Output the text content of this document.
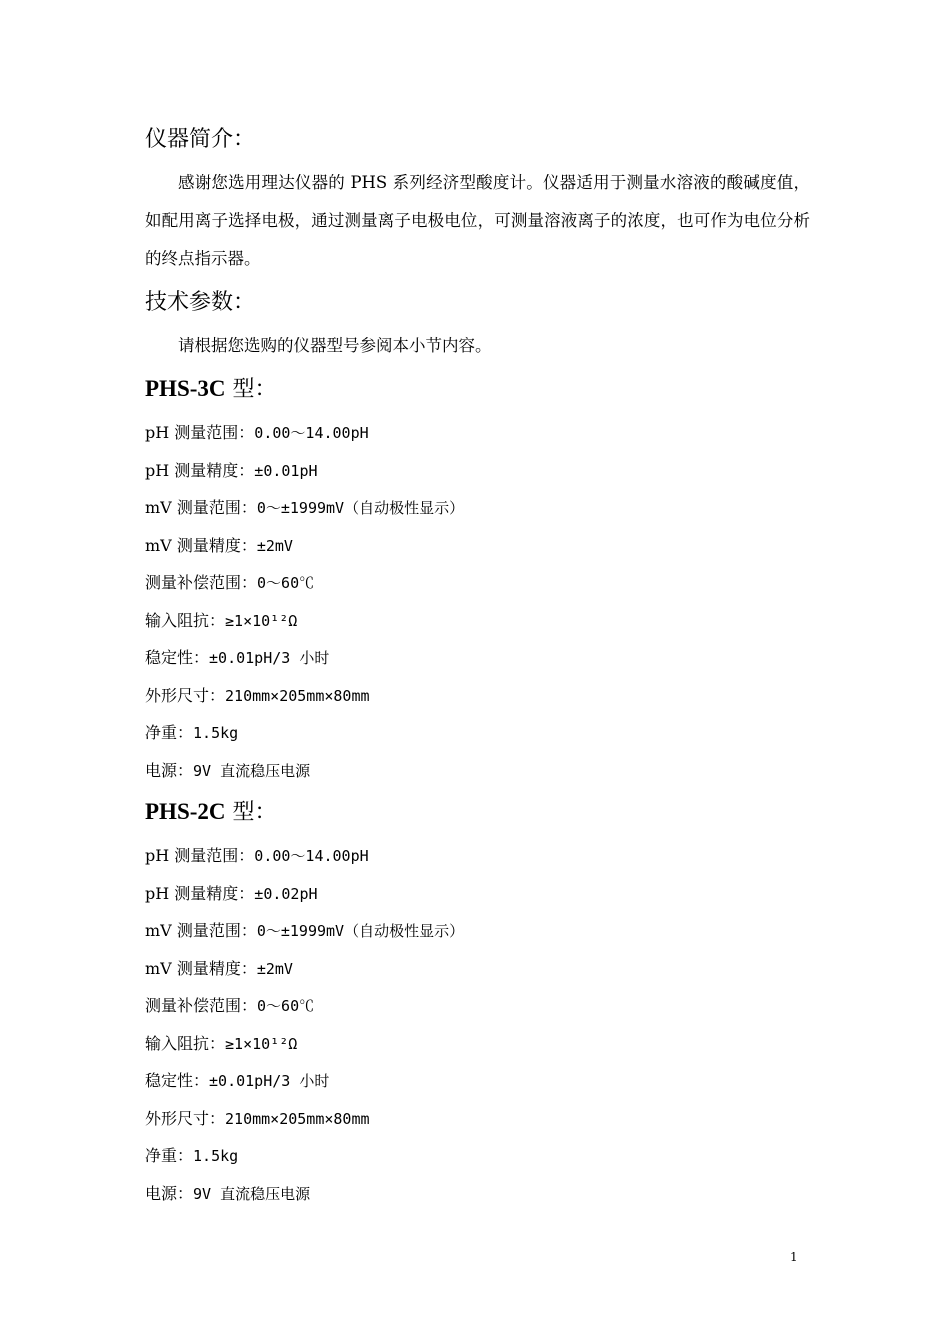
仪器简介：
感谢您选用理达仪器的 PHS 系列经济型酸度计。仪器适用于测量水溶液的酸碱度值，如配用离子选择电极，通过测量离子电极电位，可测量溶液离子的浓度，也可作为电位分析的终点指示器。
技术参数：
请根据您选购的仪器型号参阅本小节内容。
PHS-3C 型：
pH 测量范围：0.00～14.00pH
pH 测量精度：±0.01pH
mV 测量范围：0～±1999mV（自动极性显示）
mV 测量精度：±2mV
测量补偿范围：0～60℃
输入阻抗：≥1×10¹²Ω
稳定性：±0.01pH/3 小时
外形尺寸：210mm×205mm×80mm
净重：1.5kg
电源：9V 直流稳压电源
PHS-2C 型：
pH 测量范围：0.00～14.00pH
pH 测量精度：±0.02pH
mV 测量范围：0～±1999mV（自动极性显示）
mV 测量精度：±2mV
测量补偿范围：0～60℃
输入阻抗：≥1×10¹²Ω
稳定性：±0.01pH/3 小时
外形尺寸：210mm×205mm×80mm
净重：1.5kg
电源：9V 直流稳压电源
1
